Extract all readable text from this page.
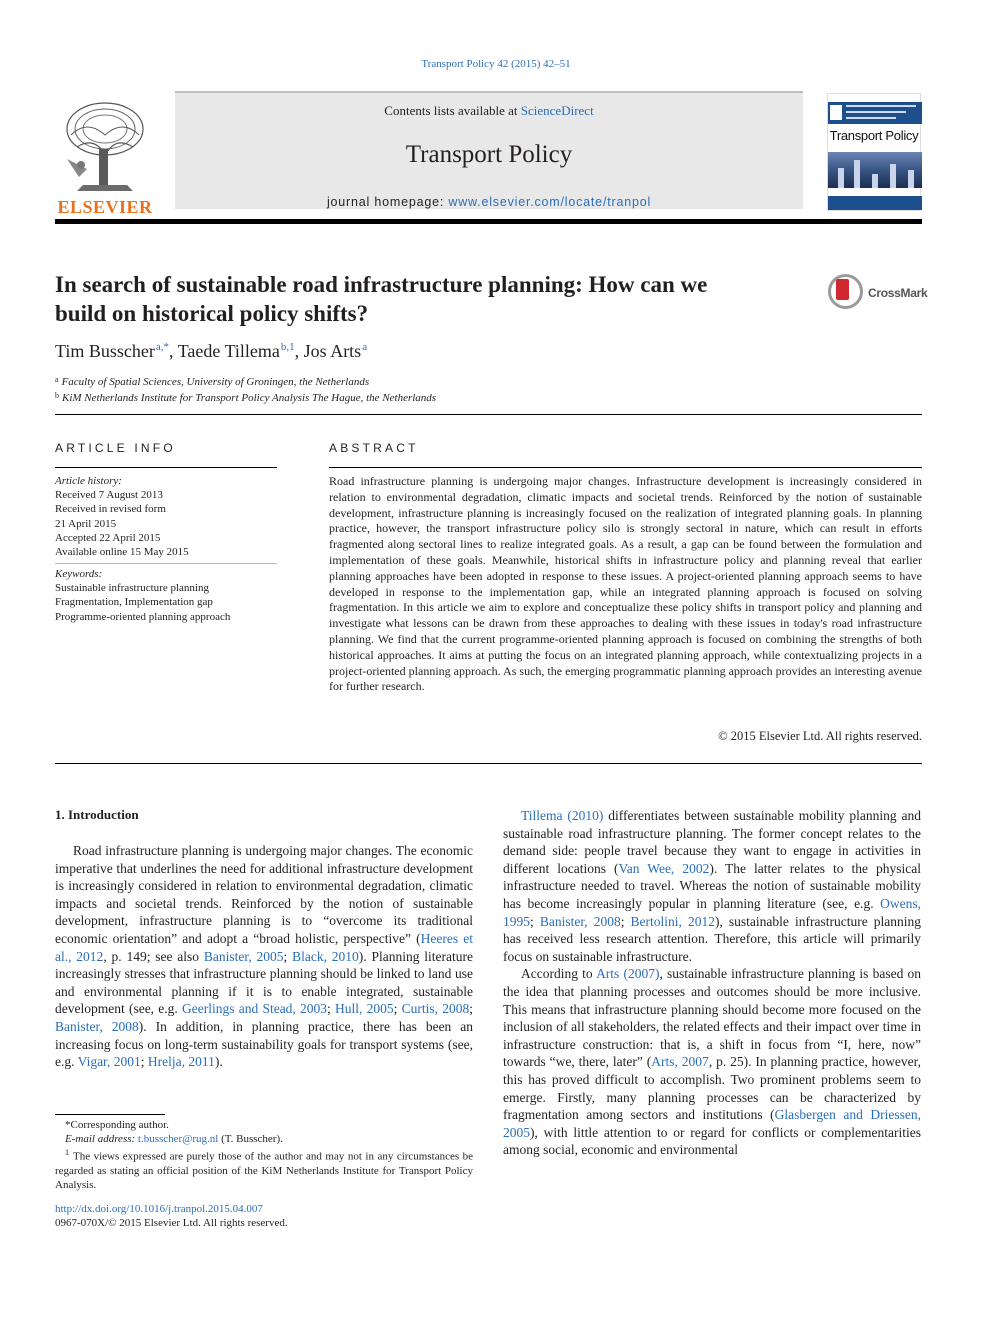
Transport Policy 42 (2015) 42–51
ELSEVIER
Contents lists available at ScienceDirect
Transport Policy
journal homepage: www.elsevier.com/locate/tranpol
Transport Policy
In search of sustainable road infrastructure planning: How can we
build on historical policy shifts?
CrossMark
Tim Busscher$^{a,*}$, Taede Tillema$^{b,1}$, Jos Arts$^a$
$^a$ Faculty of Spatial Sciences, University of Groningen, the Netherlands
$^b$ KiM Netherlands Institute for Transport Policy Analysis The Hague, the Netherlands
ARTICLE INFO	ABSTRACT
Article history:
Received 7 August 2013
Received in revised form
21 April 2015
Accepted 22 April 2015
Available online 15 May 2015
Keywords:
Sustainable infrastructure planning
Fragmentation, Implementation gap
Programme-oriented planning approach
Road infrastructure planning is undergoing major changes. Infrastructure development is increasingly considered in relation to environmental degradation, climatic impacts and societal trends. Reinforced by the notion of sustainable development, infrastructure planning is increasingly focused on the realization of integrated planning goals. In planning practice, however, the transport infrastructure policy silo is strongly sectoral in nature, which can result in efforts fragmented along sectoral lines to realize integrated goals. As a result, a gap can be found between the formulation and implementation of these goals. Meanwhile, historical shifts in infrastructure policy and planning reveal that earlier planning approaches have been adopted in response to these issues. A project-oriented planning approach seems to have developed in response to the implementation gap, while an integrated planning approach is focused on solving fragmentation. In this article we aim to explore and conceptualize these policy shifts in transport policy and planning and investigate what lessons can be drawn from these approaches to dealing with these issues in today's road infrastructure planning. We find that the current programme-oriented planning approach is focused on combining the strengths of both historical approaches. It aims at putting the focus on an integrated planning approach, while contextualizing projects in a project-oriented planning approach. As such, the emerging programmatic planning approach provides an interesting avenue for further research.
© 2015 Elsevier Ltd. All rights reserved.
1. Introduction

Road infrastructure planning is undergoing major changes. The economic imperative that underlines the need for additional infrastructure development is increasingly considered in relation to environmental degradation, climatic impacts and societal trends. Reinforced by the notion of sustainable development, infrastructure planning is to “overcome its traditional economic orientation” and adopt a “broad holistic, perspective” (Heeres et al., 2012, p. 149; see also Banister, 2005; Black, 2010). Planning literature increasingly stresses that infrastructure planning should be linked to land use and environmental planning if it is to enable integrated, sustainable development (see, e.g. Geerlings and Stead, 2003; Hull, 2005; Curtis, 2008; Banister, 2008). In addition, in planning practice, there has been an increasing focus on long-term sustainability goals for transport systems (see, e.g. Vigar, 2001; Hrelja, 2011).

Tillema (2010) differentiates between sustainable mobility planning and sustainable road infrastructure planning. The former concept relates to the demand side: people travel because they want to engage in activities in different locations (Van Wee, 2002). The latter relates to the physical infrastructure needed to travel. Whereas the notion of sustainable mobility has become increasingly popular in planning literature (see, e.g. Owens, 1995; Banister, 2008; Bertolini, 2012), sustainable infrastructure planning has received less research attention. Therefore, this article will primarily focus on sustainable infrastructure.

According to Arts (2007), sustainable infrastructure planning is based on the idea that planning processes and outcomes should be more inclusive. This means that infrastructure planning should become more focused on the inclusion of all stakeholders, the related effects and their impact over time in infrastructure construction: that is, a shift in focus from “I, here, now” towards “we, there, later” (Arts, 2007, p. 25). In planning practice, however, this has proved difficult to accomplish. Two prominent problems seem to emerge. Firstly, many planning processes can be characterized by fragmentation among sectors and institutions (Glasbergen and Driessen, 2005), with little attention to or regard for conflicts or complementarities among social, economic and environmental

*Corresponding author.
E-mail address: t.busscher@rug.nl (T. Busscher).
$^1$ The views expressed are purely those of the author and may not in any circumstances be regarded as stating an official position of the KiM Netherlands Institute for Transport Policy Analysis.
http://dx.doi.org/10.1016/j.tranpol.2015.04.007
0967-070X/© 2015 Elsevier Ltd. All rights reserved.
